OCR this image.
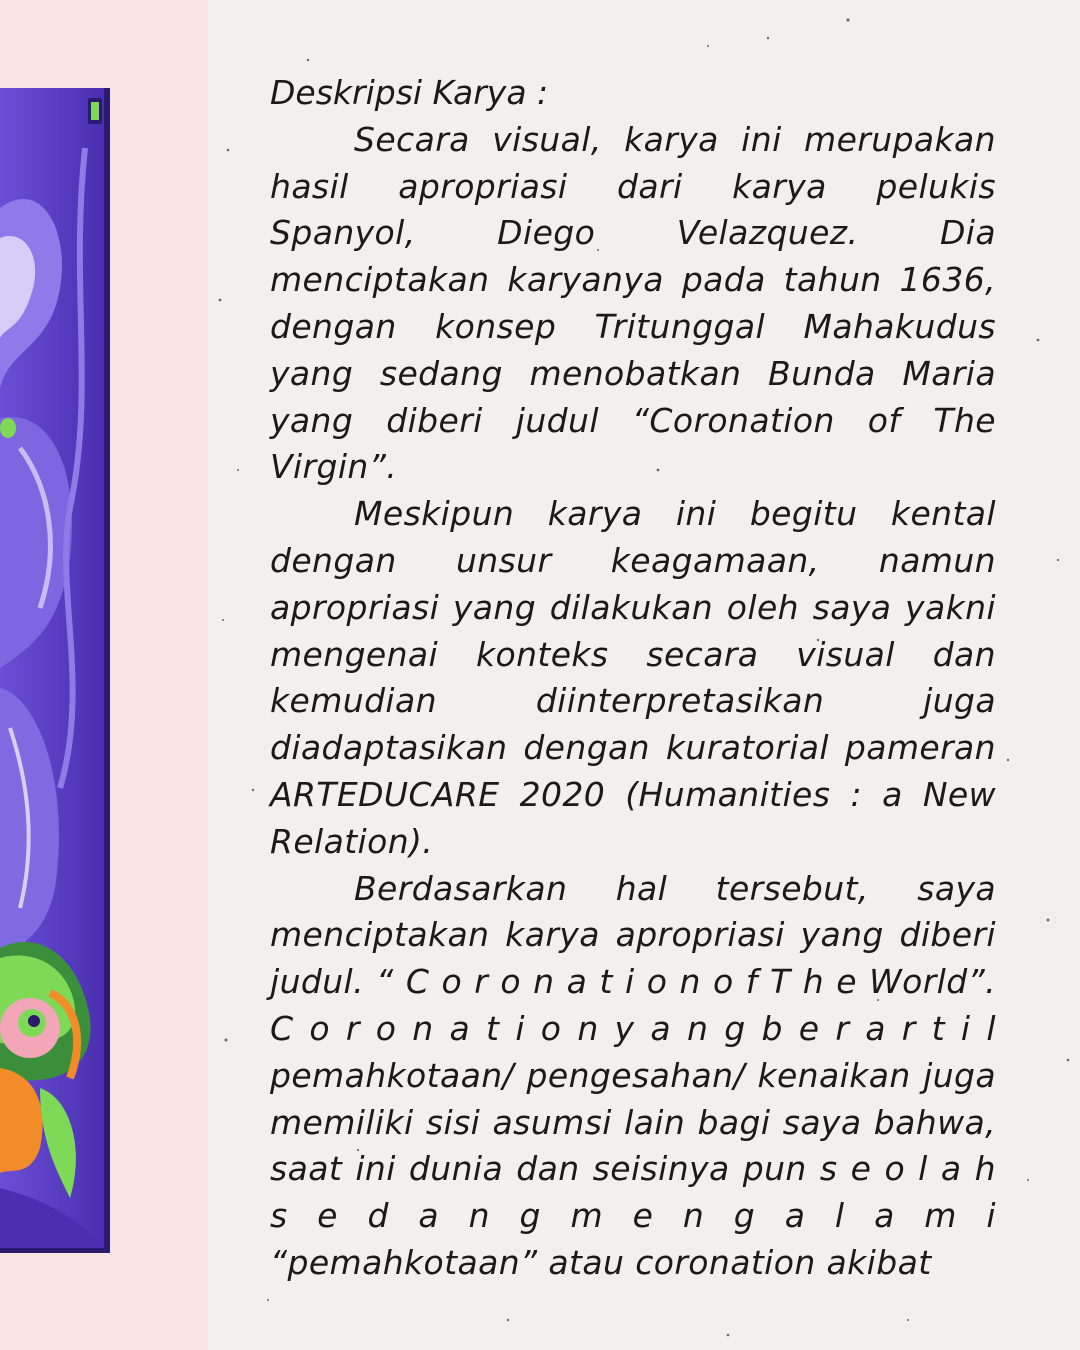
Deskripsi Karya :

Secara visual, karya ini merupakan hasil apropriasi dari karya pelukis Spanyol, Diego Velazquez. Dia menciptakan karyanya pada tahun 1636, dengan konsep Tritunggal Mahakudus yang sedang menobatkan Bunda Maria yang diberi judul “Coronation of The Virgin”.

Meskipun karya ini begitu kental dengan unsur keagamaan, namun apropriasi yang dilakukan oleh saya yakni mengenai konteks secara visual dan kemudian diinterpretasikan juga diadaptasikan dengan kuratorial pameran ARTEDUCARE 2020 (Humanities : a New Relation).

Berdasarkan hal tersebut, saya menciptakan karya apropriasi yang diberi judul. “ C o r o n a t i o n o f T h e World”. C o r o n a t i o n y a n g b e r a r t i l pemahkotaan/ pengesahan/ kenaikan juga memiliki sisi asumsi lain bagi saya bahwa, saat ini dunia dan seisinya pun s e o l a h s e d a n g m e n g a l a m i “pemahkotaan” atau coronation akibat
